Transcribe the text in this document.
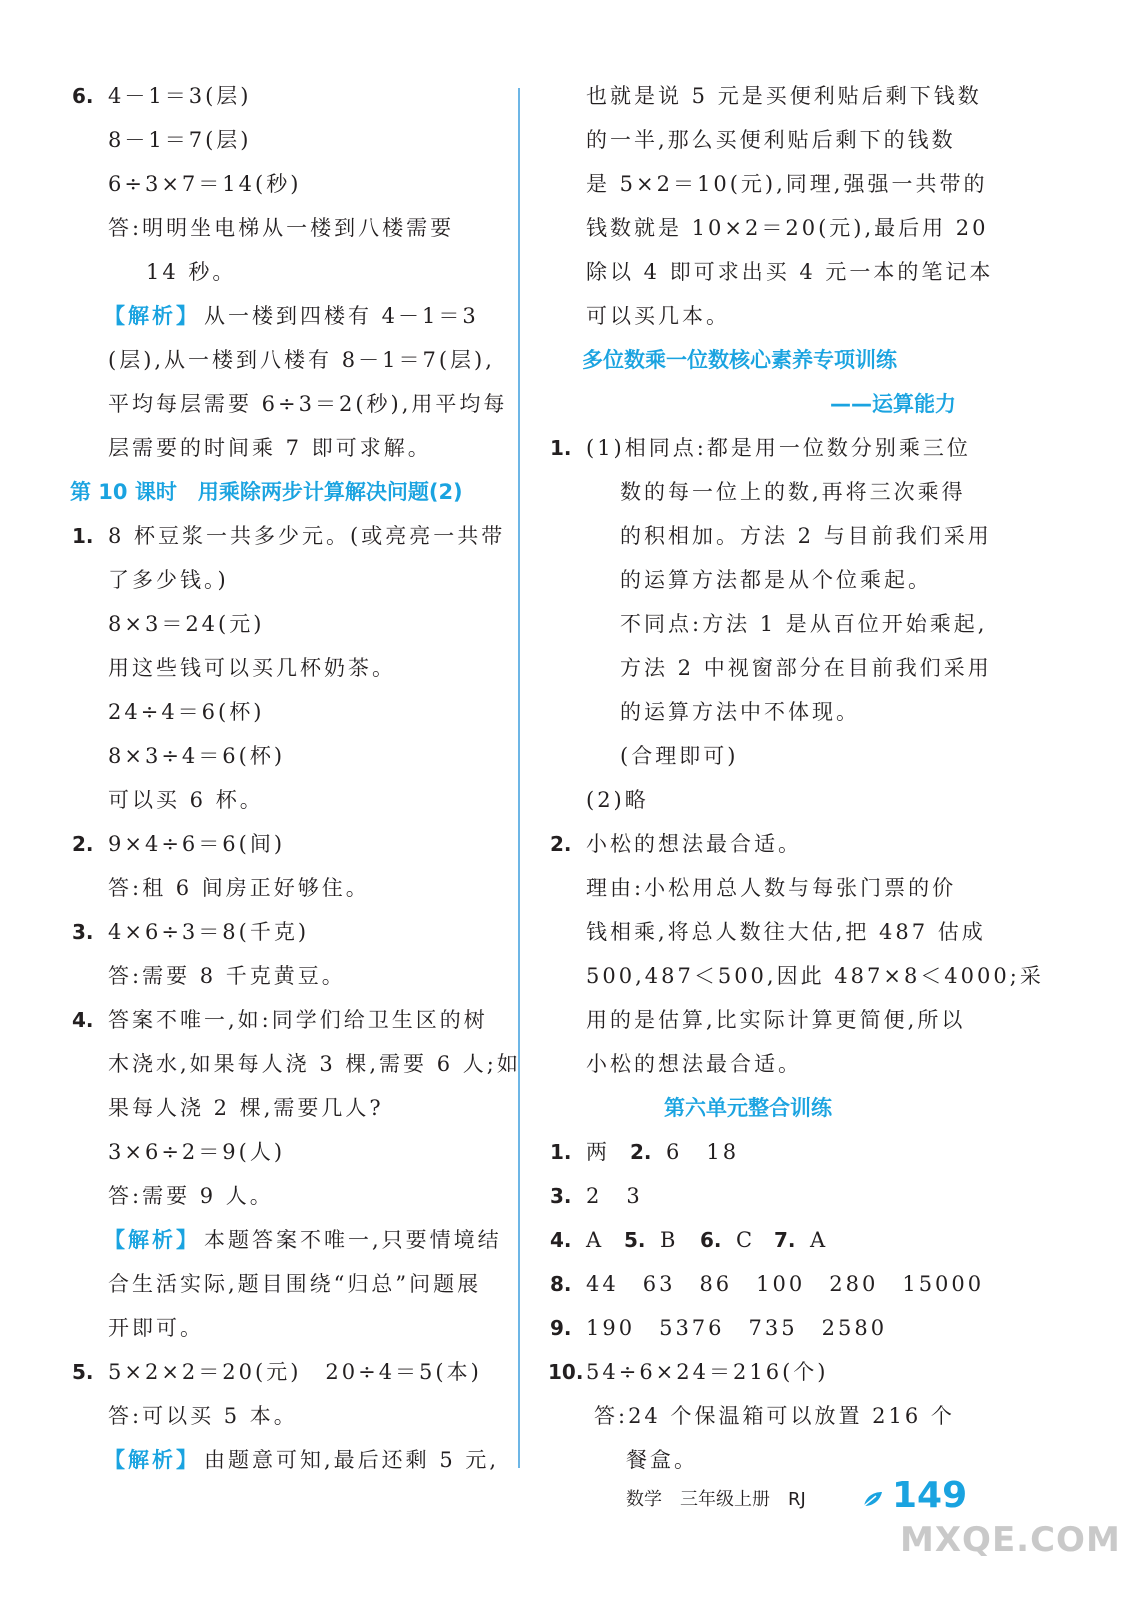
6. 4－1＝3(层)
8－1＝7(层)
6÷3×7＝14(秒)
答:明明坐电梯从一楼到八楼需要
14 秒。
【解析】 从一楼到四楼有 4－1＝3
(层),从一楼到八楼有 8－1＝7(层),
平均每层需要 6÷3＝2(秒),用平均每
层需要的时间乘 7 即可求解。
第 10 课时　用乘除两步计算解决问题(2)
1. 8 杯豆浆一共多少元。(或亮亮一共带
了多少钱。)
8×3＝24(元)
用这些钱可以买几杯奶茶。
24÷4＝6(杯)
8×3÷4＝6(杯)
可以买 6 杯。
2. 9×4÷6＝6(间)
答:租 6 间房正好够住。
3. 4×6÷3＝8(千克)
答:需要 8 千克黄豆。
4. 答案不唯一,如:同学们给卫生区的树
木浇水,如果每人浇 3 棵,需要 6 人;如
果每人浇 2 棵,需要几人?
3×6÷2＝9(人)
答:需要 9 人。
【解析】 本题答案不唯一,只要情境结
合生活实际,题目围绕“归总”问题展
开即可。
5. 5×2×2＝20(元)　20÷4＝5(本)
答:可以买 5 本。
【解析】 由题意可知,最后还剩 5 元,
也就是说 5 元是买便利贴后剩下钱数
的一半,那么买便利贴后剩下的钱数
是 5×2＝10(元),同理,强强一共带的
钱数就是 10×2＝20(元),最后用 20
除以 4 即可求出买 4 元一本的笔记本
可以买几本。
多位数乘一位数核心素养专项训练
——运算能力
1. (1)相同点:都是用一位数分别乘三位
数的每一位上的数,再将三次乘得
的积相加。方法 2 与目前我们采用
的运算方法都是从个位乘起。
不同点:方法 1 是从百位开始乘起,
方法 2 中视窗部分在目前我们采用
的运算方法中不体现。
(合理即可)
(2)略
2. 小松的想法最合适。
理由:小松用总人数与每张门票的价
钱相乘,将总人数往大估,把 487 估成
500,487＜500,因此 487×8＜4000;采
用的是估算,比实际计算更简便,所以
小松的想法最合适。
第六单元整合训练
1. 两 2. 6　18
3. 2　3
4. A 5. B 6. C 7. A
8. 44　63　86　100　280　15000
9. 190　5376　735　2580
10. 54÷6×24＝216(个)
答:24 个保温箱可以放置 216 个
餐盒。
数学　三年级上册　RJ 149
MXQE.COM
